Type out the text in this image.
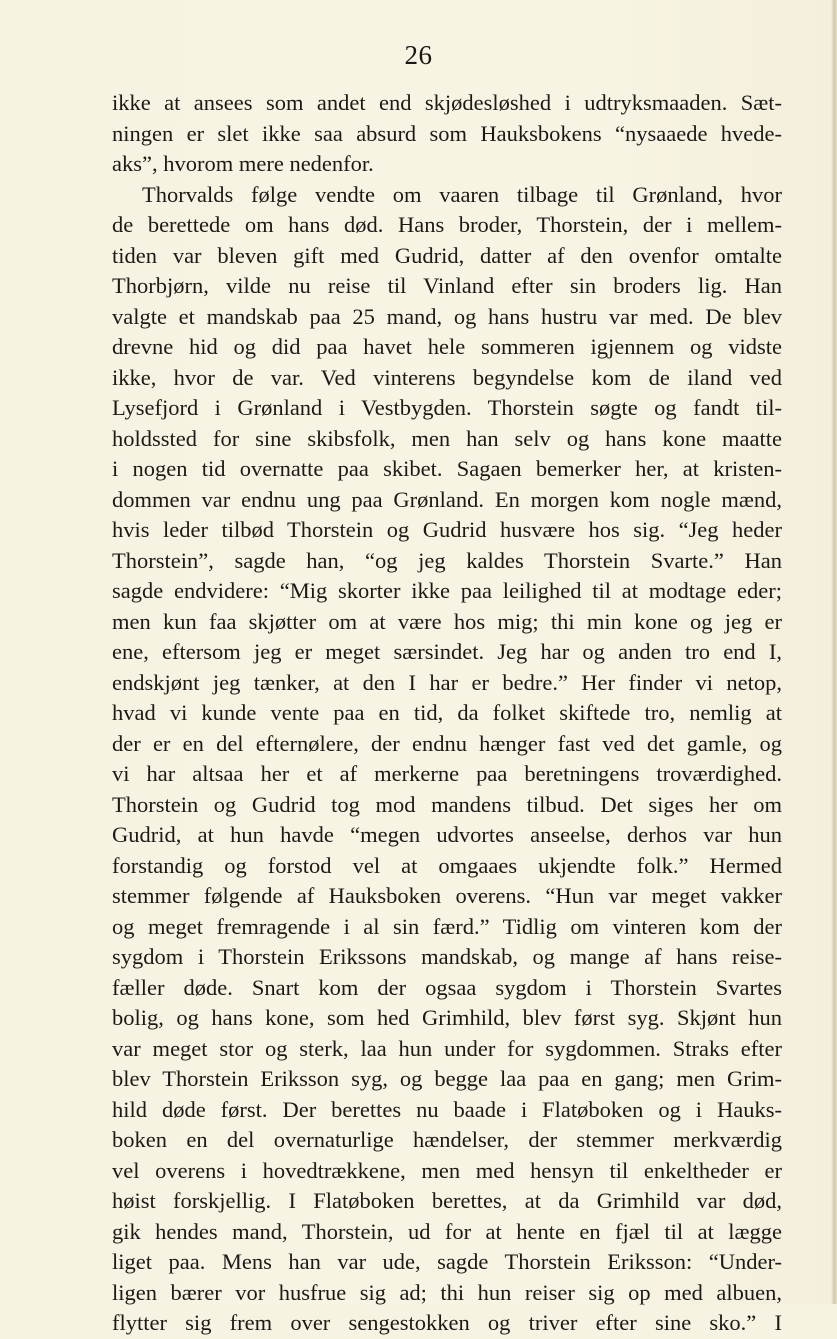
26
ikke at ansees som andet end skjødesløshed i udtryksmaaden. Sæt-
ningen er slet ikke saa absurd som Hauksbokens “nysaaede hvede-
aks”, hvorom mere nedenfor.
Thorvalds følge vendte om vaaren tilbage til Grønland, hvor
de berettede om hans død. Hans broder, Thorstein, der i mellem-
tiden var bleven gift med Gudrid, datter af den ovenfor omtalte
Thorbjørn, vilde nu reise til Vinland efter sin broders lig. Han
valgte et mandskab paa 25 mand, og hans hustru var med. De blev
drevne hid og did paa havet hele sommeren igjennem og vidste
ikke, hvor de var. Ved vinterens begyndelse kom de iland ved
Lysefjord i Grønland i Vestbygden. Thorstein søgte og fandt til-
holdssted for sine skibsfolk, men han selv og hans kone maatte
i nogen tid overnatte paa skibet. Sagaen bemerker her, at kristen-
dommen var endnu ung paa Grønland. En morgen kom nogle mænd,
hvis leder tilbød Thorstein og Gudrid husvære hos sig. “Jeg heder
Thorstein”, sagde han, “og jeg kaldes Thorstein Svarte.” Han
sagde endvidere: “Mig skorter ikke paa leilighed til at modtage eder;
men kun faa skjøtter om at være hos mig; thi min kone og jeg er
ene, eftersom jeg er meget særsindet. Jeg har og anden tro end I,
endskjønt jeg tænker, at den I har er bedre.” Her finder vi netop,
hvad vi kunde vente paa en tid, da folket skiftede tro, nemlig at
der er en del efternølere, der endnu hænger fast ved det gamle, og
vi har altsaa her et af merkerne paa beretningens troværdighed.
Thorstein og Gudrid tog mod mandens tilbud. Det siges her om
Gudrid, at hun havde “megen udvortes anseelse, derhos var hun
forstandig og forstod vel at omgaaes ukjendte folk.” Hermed
stemmer følgende af Hauksboken overens. “Hun var meget vakker
og meget fremragende i al sin færd.” Tidlig om vinteren kom der
sygdom i Thorstein Erikssons mandskab, og mange af hans reise-
fæller døde. Snart kom der ogsaa sygdom i Thorstein Svartes
bolig, og hans kone, som hed Grimhild, blev først syg. Skjønt hun
var meget stor og sterk, laa hun under for sygdommen. Straks efter
blev Thorstein Eriksson syg, og begge laa paa en gang; men Grim-
hild døde først. Der berettes nu baade i Flatøboken og i Hauks-
boken en del overnaturlige hændelser, der stemmer merkværdig
vel overens i hovedtrækkene, men med hensyn til enkeltheder er
høist forskjellig. I Flatøboken berettes, at da Grimhild var død,
gik hendes mand, Thorstein, ud for at hente en fjæl til at lægge
liget paa. Mens han var ude, sagde Thorstein Eriksson: “Under-
ligen bærer vor husfrue sig ad; thi hun reiser sig op med albuen,
flytter sig frem over sengestokken og triver efter sine sko.” I
